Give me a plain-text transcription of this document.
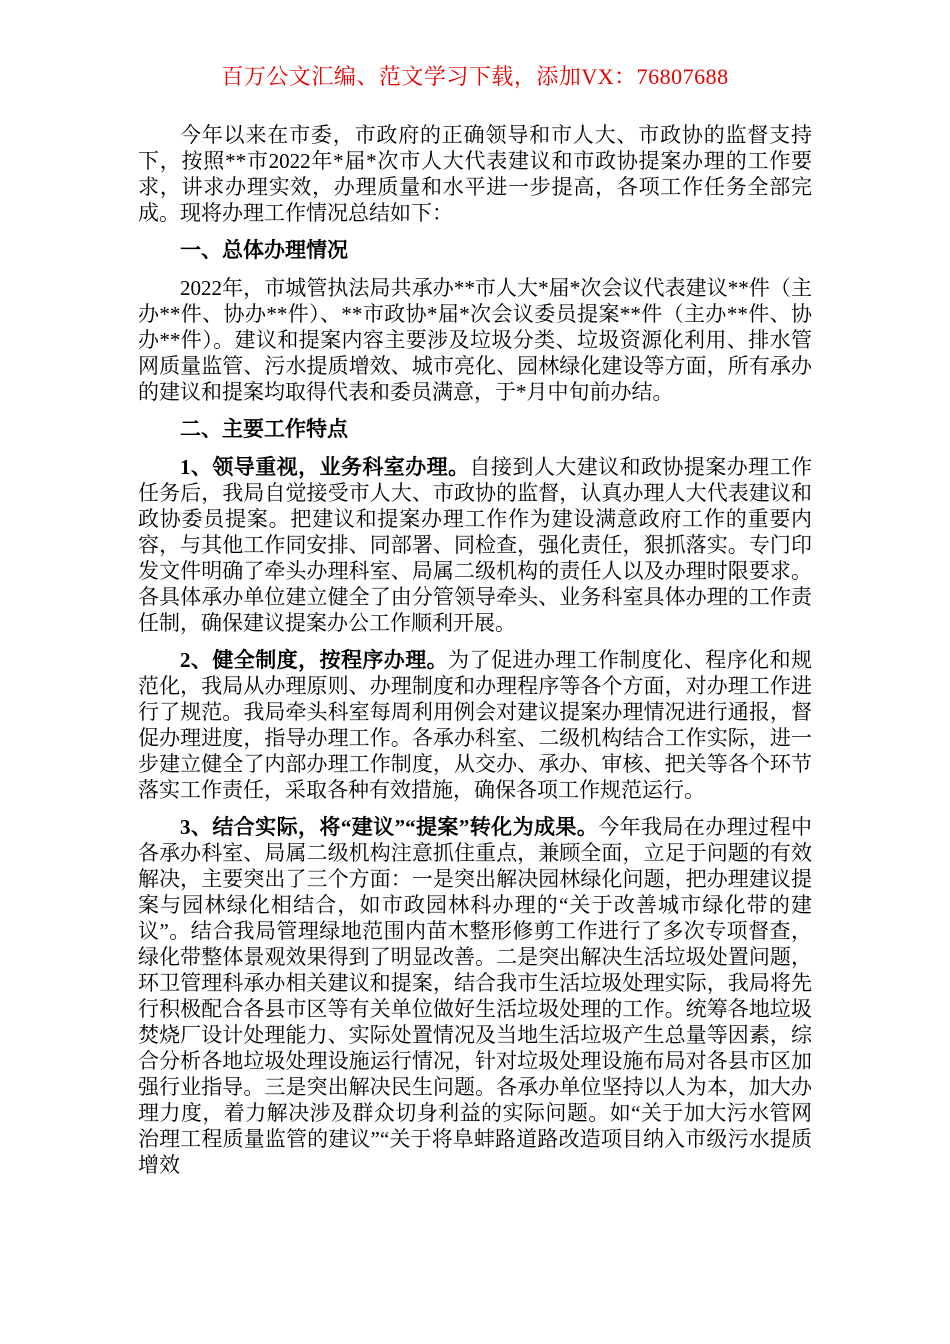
百万公文汇编、范文学习下载，添加VX：76807688

今年以来在市委，市政府的正确领导和市人大、市政协的监督支持下，按照**市2022年*届*次市人大代表建议和市政协提案办理的工作要求，讲求办理实效，办理质量和水平进一步提高，各项工作任务全部完成。现将办理工作情况总结如下：

一、总体办理情况

2022年，市城管执法局共承办**市人大*届*次会议代表建议**件（主办**件、协办**件）、**市政协*届*次会议委员提案**件（主办**件、协办**件）。建议和提案内容主要涉及垃圾分类、垃圾资源化利用、排水管网质量监管、污水提质增效、城市亮化、园林绿化建设等方面，所有承办的建议和提案均取得代表和委员满意，于*月中旬前办结。

二、主要工作特点

1、领导重视，业务科室办理。自接到人大建议和政协提案办理工作任务后，我局自觉接受市人大、市政协的监督，认真办理人大代表建议和政协委员提案。把建议和提案办理工作作为建设满意政府工作的重要内容，与其他工作同安排、同部署、同检查，强化责任，狠抓落实。专门印发文件明确了牵头办理科室、局属二级机构的责任人以及办理时限要求。各具体承办单位建立健全了由分管领导牵头、业务科室具体办理的工作责任制，确保建议提案办公工作顺利开展。

2、健全制度，按程序办理。为了促进办理工作制度化、程序化和规范化，我局从办理原则、办理制度和办理程序等各个方面，对办理工作进行了规范。我局牵头科室每周利用例会对建议提案办理情况进行通报，督促办理进度，指导办理工作。各承办科室、二级机构结合工作实际，进一步建立健全了内部办理工作制度，从交办、承办、审核、把关等各个环节落实工作责任，采取各种有效措施，确保各项工作规范运行。

3、结合实际，将“建议”“提案”转化为成果。今年我局在办理过程中各承办科室、局属二级机构注意抓住重点，兼顾全面，立足于问题的有效解决，主要突出了三个方面：一是突出解决园林绿化问题，把办理建议提案与园林绿化相结合，如市政园林科办理的“关于改善城市绿化带的建议”。结合我局管理绿地范围内苗木整形修剪工作进行了多次专项督查，绿化带整体景观效果得到了明显改善。二是突出解决生活垃圾处置问题，环卫管理科承办相关建议和提案，结合我市生活垃圾处理实际，我局将先行积极配合各县市区等有关单位做好生活垃圾处理的工作。统筹各地垃圾焚烧厂设计处理能力、实际处置情况及当地生活垃圾产生总量等因素，综合分析各地垃圾处理设施运行情况，针对垃圾处理设施布局对各县市区加强行业指导。三是突出解决民生问题。各承办单位坚持以人为本，加大办理力度，着力解决涉及群众切身利益的实际问题。如“关于加大污水管网治理工程质量监管的建议”“关于将阜蚌路道路改造项目纳入市级污水提质增效
